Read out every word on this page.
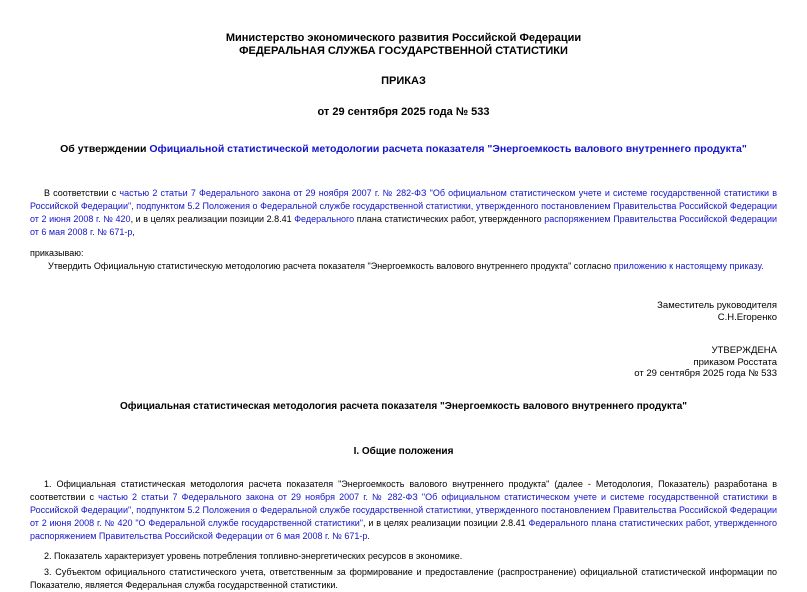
Министерство экономического развития Российской Федерации
ФЕДЕРАЛЬНАЯ СЛУЖБА ГОСУДАРСТВЕННОЙ СТАТИСТИКИ
ПРИКАЗ
от 29 сентября 2025 года № 533
Об утверждении Официальной статистической методологии расчета показателя "Энергоемкость валового внутреннего продукта"

В соответствии с частью 2 статьи 7 Федерального закона от 29 ноября 2007 г. № 282-ФЗ "Об официальном статистическом учете и системе государственной статистики в Российской Федерации", подпунктом 5.2 Положения о Федеральной службе государственной статистики, утвержденного постановлением Правительства Российской Федерации от 2 июня 2008 г. № 420, и в целях реализации позиции 2.8.41 Федерального плана статистических работ, утвержденного распоряжением Правительства Российской Федерации от 6 мая 2008 г. № 671-р,

приказываю:

Утвердить Официальную статистическую методологию расчета показателя "Энергоемкость валового внутреннего продукта" согласно приложению к настоящему приказу.

Заместитель руководителя
С.Н.Егоренко
УТВЕРЖДЕНА
приказом Росстата
от 29 сентября 2025 года № 533
Официальная статистическая методология расчета показателя "Энергоемкость валового внутреннего продукта"
I. Общие положения

1. Официальная статистическая методология расчета показателя "Энергоемкость валового внутреннего продукта" (далее - Методология, Показатель) разработана в соответствии с частью 2 статьи 7 Федерального закона от 29 ноября 2007 г. № 282-ФЗ "Об официальном статистическом учете и системе государственной статистики в Российской Федерации", подпунктом 5.2 Положения о Федеральной службе государственной статистики, утвержденного постановлением Правительства Российской Федерации от 2 июня 2008 г. № 420 "О Федеральной службе государственной статистики", и в целях реализации позиции 2.8.41 Федерального плана статистических работ, утвержденного распоряжением Правительства Российской Федерации от 6 мая 2008 г. № 671-р.

2. Показатель характеризует уровень потребления топливно-энергетических ресурсов в экономике.

3. Субъектом официального статистического учета, ответственным за формирование и предоставление (распространение) официальной статистической информации по Показателю, является Федеральная служба государственной статистики.
